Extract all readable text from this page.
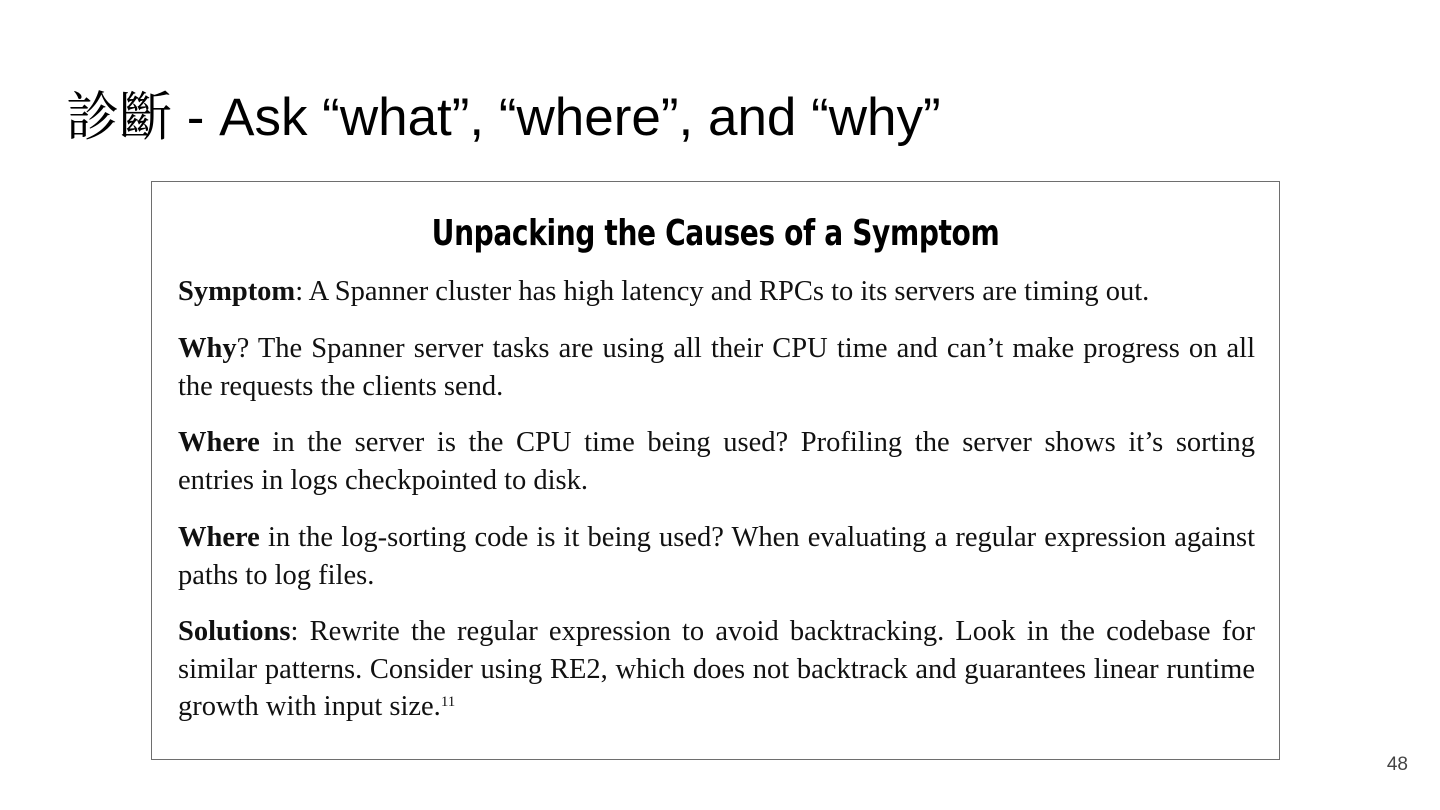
診斷 - Ask “what”, “where”, and “why”
Unpacking the Causes of a Symptom

Symptom: A Spanner cluster has high latency and RPCs to its servers are timing out.

Why? The Spanner server tasks are using all their CPU time and can’t make progress on all the requests the clients send.

Where in the server is the CPU time being used? Profiling the server shows it’s sorting entries in logs checkpointed to disk.

Where in the log-sorting code is it being used? When evaluating a regular expression against paths to log files.

Solutions: Rewrite the regular expression to avoid backtracking. Look in the codebase for similar patterns. Consider using RE2, which does not backtrack and guarantees linear runtime growth with input size.$^{11}$

48
